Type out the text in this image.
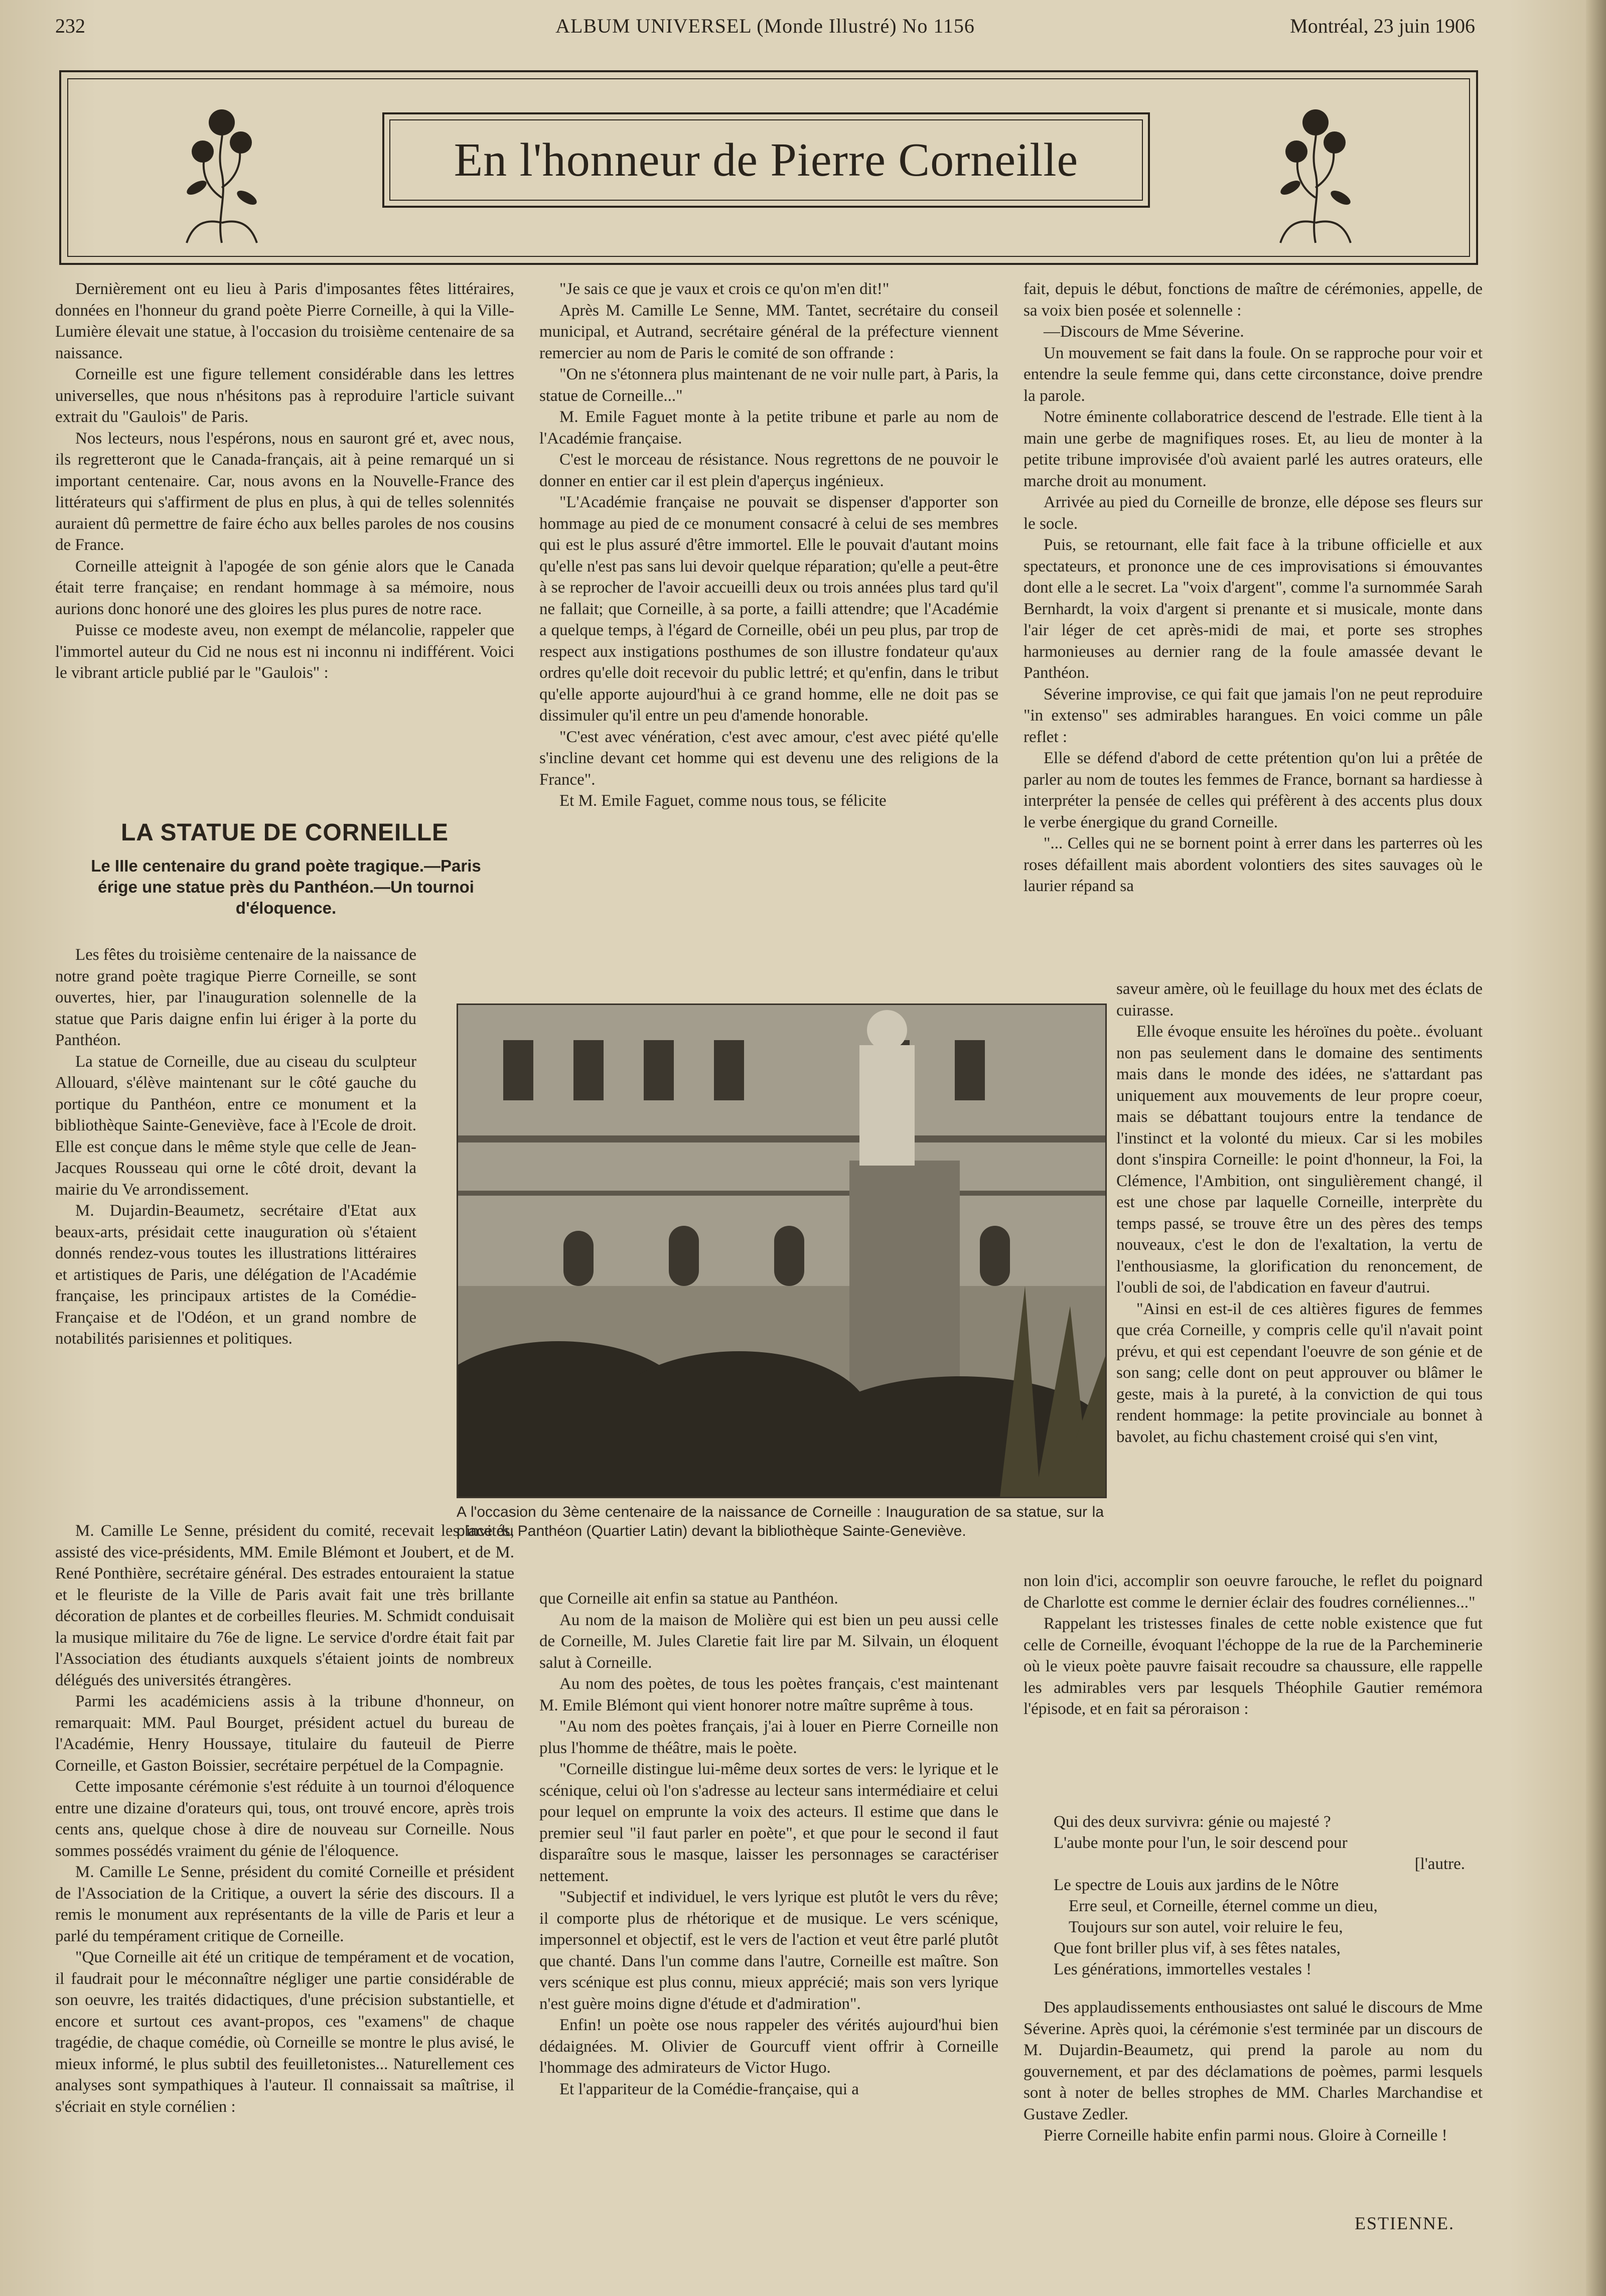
232	ALBUM UNIVERSEL (Monde Illustré) No 1156	Montréal, 23 juin 1906
En l'honneur de Pierre Corneille

Dernièrement ont eu lieu à Paris d'imposantes fêtes littéraires, données en l'honneur du grand poète Pierre Corneille, à qui la Ville-Lumière élevait une statue, à l'occasion du troisième centenaire de sa naissance.

Corneille est une figure tellement considérable dans les lettres universelles, que nous n'hésitons pas à reproduire l'article suivant extrait du "Gaulois" de Paris.

Nos lecteurs, nous l'espérons, nous en sauront gré et, avec nous, ils regretteront que le Canada-français, ait à peine remarqué un si important centenaire. Car, nous avons en la Nouvelle-France des littérateurs qui s'affirment de plus en plus, à qui de telles solennités auraient dû permettre de faire écho aux belles paroles de nos cousins de France.

Corneille atteignit à l'apogée de son génie alors que le Canada était terre française; en rendant hommage à sa mémoire, nous aurions donc honoré une des gloires les plus pures de notre race.

Puisse ce modeste aveu, non exempt de mélancolie, rappeler que l'immortel auteur du Cid ne nous est ni inconnu ni indifférent. Voici le vibrant article publié par le "Gaulois" :

LA STATUE DE CORNEILLE
Le IIIe centenaire du grand poète tragique.—Paris érige une statue près du Panthéon.—Un tournoi d'éloquence.

Les fêtes du troisième centenaire de la naissance de notre grand poète tragique Pierre Corneille, se sont ouvertes, hier, par l'inauguration solennelle de la statue que Paris daigne enfin lui ériger à la porte du Panthéon.

La statue de Corneille, due au ciseau du sculpteur Allouard, s'élève maintenant sur le côté gauche du portique du Panthéon, entre ce monument et la bibliothèque Sainte-Geneviève, face à l'Ecole de droit. Elle est conçue dans le même style que celle de Jean-Jacques Rousseau qui orne le côté droit, devant la mairie du Ve arrondissement.

M. Dujardin-Beaumetz, secrétaire d'Etat aux beaux-arts, présidait cette inauguration où s'étaient donnés rendez-vous toutes les illustrations littéraires et artistiques de Paris, une délégation de l'Académie française, les principaux artistes de la Comédie-Française et de l'Odéon, et un grand nombre de notabilités parisiennes et politiques.

M. Camille Le Senne, président du comité, recevait les invités, assisté des vice-présidents, MM. Emile Blémont et Joubert, et de M. René Ponthière, secrétaire général. Des estrades entouraient la statue et le fleuriste de la Ville de Paris avait fait une très brillante décoration de plantes et de corbeilles fleuries. M. Schmidt conduisait la musique militaire du 76e de ligne. Le service d'ordre était fait par l'Association des étudiants auxquels s'étaient joints de nombreux délégués des universités étrangères.

Parmi les académiciens assis à la tribune d'honneur, on remarquait: MM. Paul Bourget, président actuel du bureau de l'Académie, Henry Houssaye, titulaire du fauteuil de Pierre Corneille, et Gaston Boissier, secrétaire perpétuel de la Compagnie.

Cette imposante cérémonie s'est réduite à un tournoi d'éloquence entre une dizaine d'orateurs qui, tous, ont trouvé encore, après trois cents ans, quelque chose à dire de nouveau sur Corneille. Nous sommes possédés vraiment du génie de l'éloquence.

M. Camille Le Senne, président du comité Corneille et président de l'Association de la Critique, a ouvert la série des discours. Il a remis le monument aux représentants de la ville de Paris et leur a parlé du tempérament critique de Corneille.

"Que Corneille ait été un critique de tempérament et de vocation, il faudrait pour le méconnaître négliger une partie considérable de son oeuvre, les traités didactiques, d'une précision substantielle, et encore et surtout ces avant-propos, ces "examens" de chaque tragédie, de chaque comédie, où Corneille se montre le plus avisé, le mieux informé, le plus subtil des feuilletonistes... Naturellement ces analyses sont sympathiques à l'auteur. Il connaissait sa maîtrise, il s'écriait en style cornélien :

"Je sais ce que je vaux et crois ce qu'on m'en dit!"

Après M. Camille Le Senne, MM. Tantet, secrétaire du conseil municipal, et Autrand, secrétaire général de la préfecture viennent remercier au nom de Paris le comité de son offrande :

"On ne s'étonnera plus maintenant de ne voir nulle part, à Paris, la statue de Corneille..."

M. Emile Faguet monte à la petite tribune et parle au nom de l'Académie française.

C'est le morceau de résistance. Nous regrettons de ne pouvoir le donner en entier car il est plein d'aperçus ingénieux.

"L'Académie française ne pouvait se dispenser d'apporter son hommage au pied de ce monument consacré à celui de ses membres qui est le plus assuré d'être immortel. Elle le pouvait d'autant moins qu'elle n'est pas sans lui devoir quelque réparation; qu'elle a peut-être à se reprocher de l'avoir accueilli deux ou trois années plus tard qu'il ne fallait; que Corneille, à sa porte, a failli attendre; que l'Académie a quelque temps, à l'égard de Corneille, obéi un peu plus, par trop de respect aux instigations posthumes de son illustre fondateur qu'aux ordres qu'elle doit recevoir du public lettré; et qu'enfin, dans le tribut qu'elle apporte aujourd'hui à ce grand homme, elle ne doit pas se dissimuler qu'il entre un peu d'amende honorable.

"C'est avec vénération, c'est avec amour, c'est avec piété qu'elle s'incline devant cet homme qui est devenu une des religions de la France".

Et M. Emile Faguet, comme nous tous, se félicite

A l'occasion du 3ème centenaire de la naissance de Corneille : Inauguration de sa statue, sur la place du Panthéon (Quartier Latin) devant la bibliothèque Sainte-Geneviève.

que Corneille ait enfin sa statue au Panthéon.

Au nom de la maison de Molière qui est bien un peu aussi celle de Corneille, M. Jules Claretie fait lire par M. Silvain, un éloquent salut à Corneille.

Au nom des poètes, de tous les poètes français, c'est maintenant M. Emile Blémont qui vient honorer notre maître suprême à tous.

"Au nom des poètes français, j'ai à louer en Pierre Corneille non plus l'homme de théâtre, mais le poète.

"Corneille distingue lui-même deux sortes de vers: le lyrique et le scénique, celui où l'on s'adresse au lecteur sans intermédiaire et celui pour lequel on emprunte la voix des acteurs. Il estime que dans le premier seul "il faut parler en poète", et que pour le second il faut disparaître sous le masque, laisser les personnages se caractériser nettement.

"Subjectif et individuel, le vers lyrique est plutôt le vers du rêve; il comporte plus de rhétorique et de musique. Le vers scénique, impersonnel et objectif, est le vers de l'action et veut être parlé plutôt que chanté. Dans l'un comme dans l'autre, Corneille est maître. Son vers scénique est plus connu, mieux apprécié; mais son vers lyrique n'est guère moins digne d'étude et d'admiration".

Enfin! un poète ose nous rappeler des vérités aujourd'hui bien dédaignées. M. Olivier de Gourcuff vient offrir à Corneille l'hommage des admirateurs de Victor Hugo.

Et l'appariteur de la Comédie-française, qui a

fait, depuis le début, fonctions de maître de cérémonies, appelle, de sa voix bien posée et solennelle :

—Discours de Mme Séverine.

Un mouvement se fait dans la foule. On se rapproche pour voir et entendre la seule femme qui, dans cette circonstance, doive prendre la parole.

Notre éminente collaboratrice descend de l'estrade. Elle tient à la main une gerbe de magnifiques roses. Et, au lieu de monter à la petite tribune improvisée d'où avaient parlé les autres orateurs, elle marche droit au monument.

Arrivée au pied du Corneille de bronze, elle dépose ses fleurs sur le socle.

Puis, se retournant, elle fait face à la tribune officielle et aux spectateurs, et prononce une de ces improvisations si émouvantes dont elle a le secret. La "voix d'argent", comme l'a surnommée Sarah Bernhardt, la voix d'argent si prenante et si musicale, monte dans l'air léger de cet après-midi de mai, et porte ses strophes harmonieuses au dernier rang de la foule amassée devant le Panthéon.

Séverine improvise, ce qui fait que jamais l'on ne peut reproduire "in extenso" ses admirables harangues. En voici comme un pâle reflet :

Elle se défend d'abord de cette prétention qu'on lui a prêtée de parler au nom de toutes les femmes de France, bornant sa hardiesse à interpréter la pensée de celles qui préfèrent à des accents plus doux le verbe énergique du grand Corneille.

"... Celles qui ne se bornent point à errer dans les parterres où les roses défaillent mais abordent volontiers des sites sauvages où le laurier répand sa

saveur amère, où le feuillage du houx met des éclats de cuirasse.

Elle évoque ensuite les héroïnes du poète.. évoluant non pas seulement dans le domaine des sentiments mais dans le monde des idées, ne s'attardant pas uniquement aux mouvements de leur propre coeur, mais se débattant toujours entre la tendance de l'instinct et la volonté du mieux. Car si les mobiles dont s'inspira Corneille: le point d'honneur, la Foi, la Clémence, l'Ambition, ont singulièrement changé, il est une chose par laquelle Corneille, interprète du temps passé, se trouve être un des pères des temps nouveaux, c'est le don de l'exaltation, la vertu de l'enthousiasme, la glorification du renoncement, de l'oubli de soi, de l'abdication en faveur d'autrui.

"Ainsi en est-il de ces altières figures de femmes que créa Corneille, y compris celle qu'il n'avait point prévu, et qui est cependant l'oeuvre de son génie et de son sang; celle dont on peut approuver ou blâmer le geste, mais à la pureté, à la conviction de qui tous rendent hommage: la petite provinciale au bonnet à bavolet, au fichu chastement croisé qui s'en vint,

non loin d'ici, accomplir son oeuvre farouche, le reflet du poignard de Charlotte est comme le dernier éclair des foudres cornéliennes..."

Rappelant les tristesses finales de cette noble existence que fut celle de Corneille, évoquant l'échoppe de la rue de la Parcheminerie où le vieux poète pauvre faisait recoudre sa chaussure, elle rappelle les admirables vers par lesquels Théophile Gautier remémora l'épisode, et en fait sa péroraison :

Qui des deux survivra: génie ou majesté ?
L'aube monte pour l'un, le soir descend pour
[l'autre.
Le spectre de Louis aux jardins de le Nôtre
Erre seul, et Corneille, éternel comme un dieu,
Toujours sur son autel, voir reluire le feu,
Que font briller plus vif, à ses fêtes natales,
Les générations, immortelles vestales !

Des applaudissements enthousiastes ont salué le discours de Mme Séverine. Après quoi, la cérémonie s'est terminée par un discours de M. Dujardin-Beaumetz, qui prend la parole au nom du gouvernement, et par des déclamations de poèmes, parmi lesquels sont à noter de belles strophes de MM. Charles Marchandise et Gustave Zedler.

Pierre Corneille habite enfin parmi nous. Gloire à Corneille !

ESTIENNE.
